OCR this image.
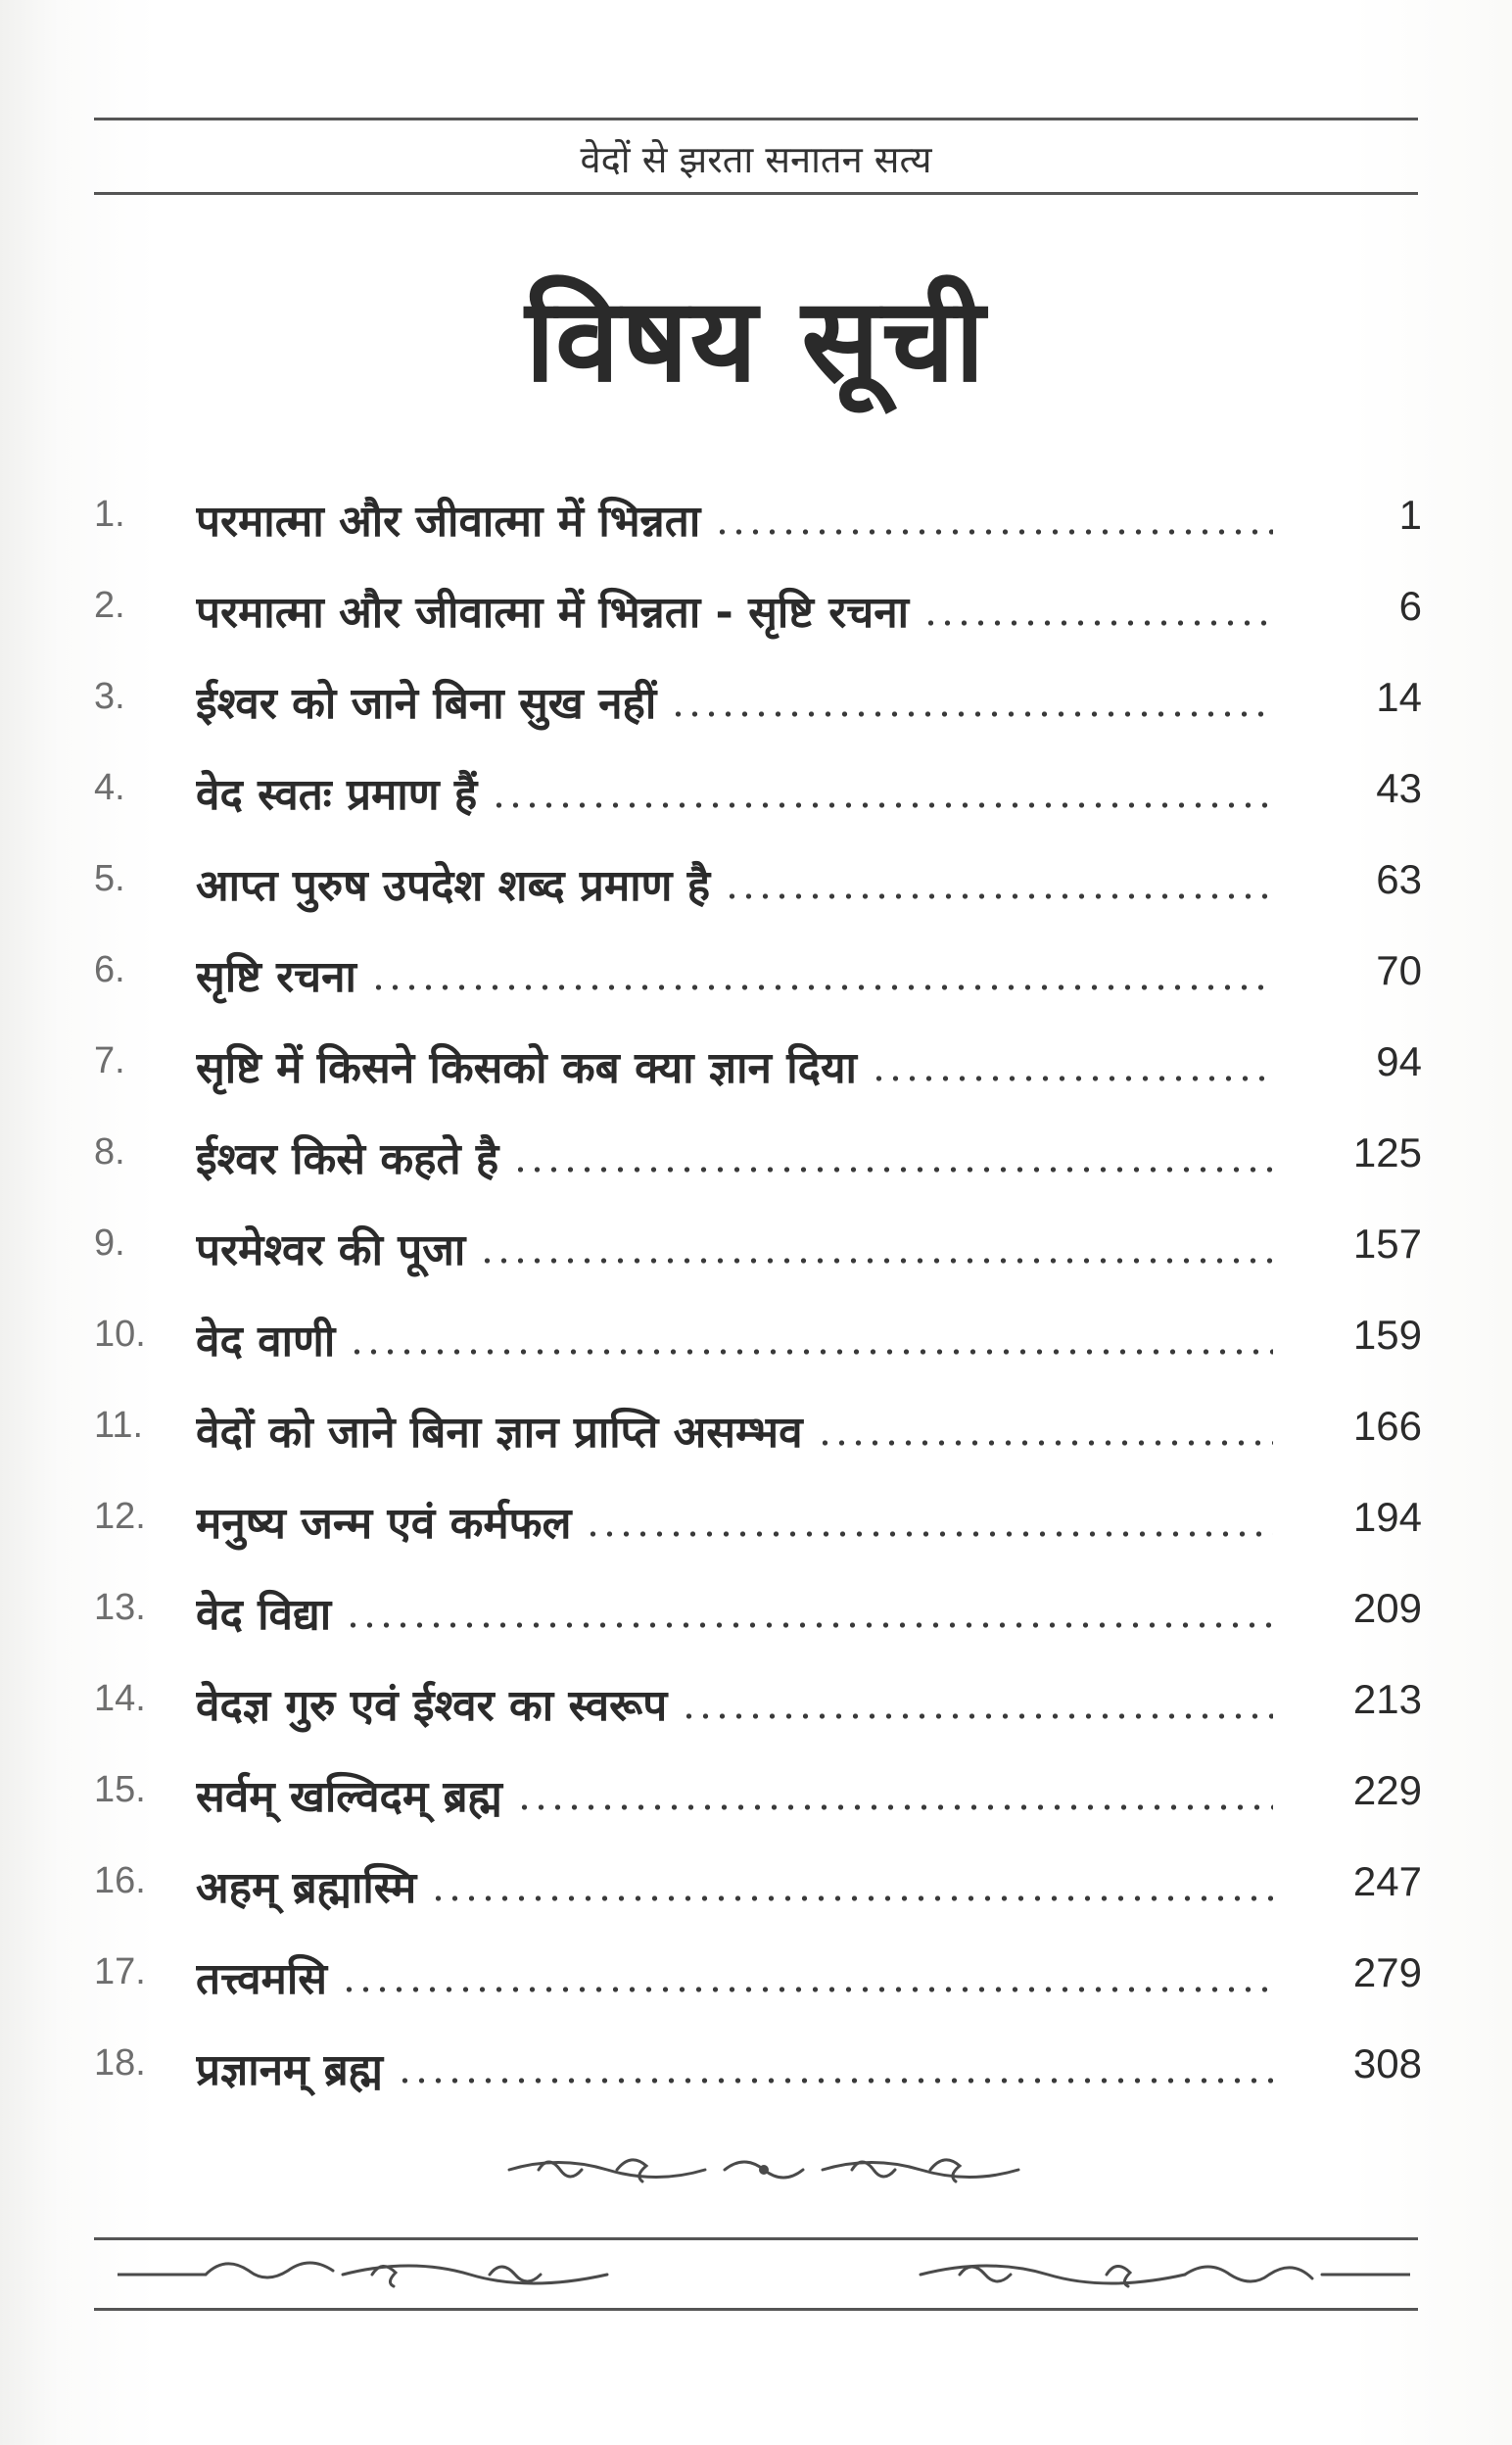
वेदों से झरता सनातन सत्य
विषय सूची
1.	परमात्मा और जीवात्मा में भिन्नता	1
2.	परमात्मा और जीवात्मा में भिन्नता - सृष्टि रचना	6
3.	ईश्वर को जाने बिना सुख नहीं	14
4.	वेद स्वतः प्रमाण हैं	43
5.	आप्त पुरुष उपदेश शब्द प्रमाण है	63
6.	सृष्टि रचना	70
7.	सृष्टि में किसने किसको कब क्या ज्ञान दिया	94
8.	ईश्वर किसे कहते है	125
9.	परमेश्वर की पूजा	157
10.	वेद वाणी	159
11.	वेदों को जाने बिना ज्ञान प्राप्ति असम्भव	166
12.	मनुष्य जन्म एवं कर्मफल	194
13.	वेद विद्या	209
14.	वेदज्ञ गुरु एवं ईश्वर का स्वरूप	213
15.	सर्वम् खल्विदम् ब्रह्म	229
16.	अहम् ब्रह्मास्मि	247
17.	तत्त्वमसि	279
18.	प्रज्ञानम् ब्रह्म	308
